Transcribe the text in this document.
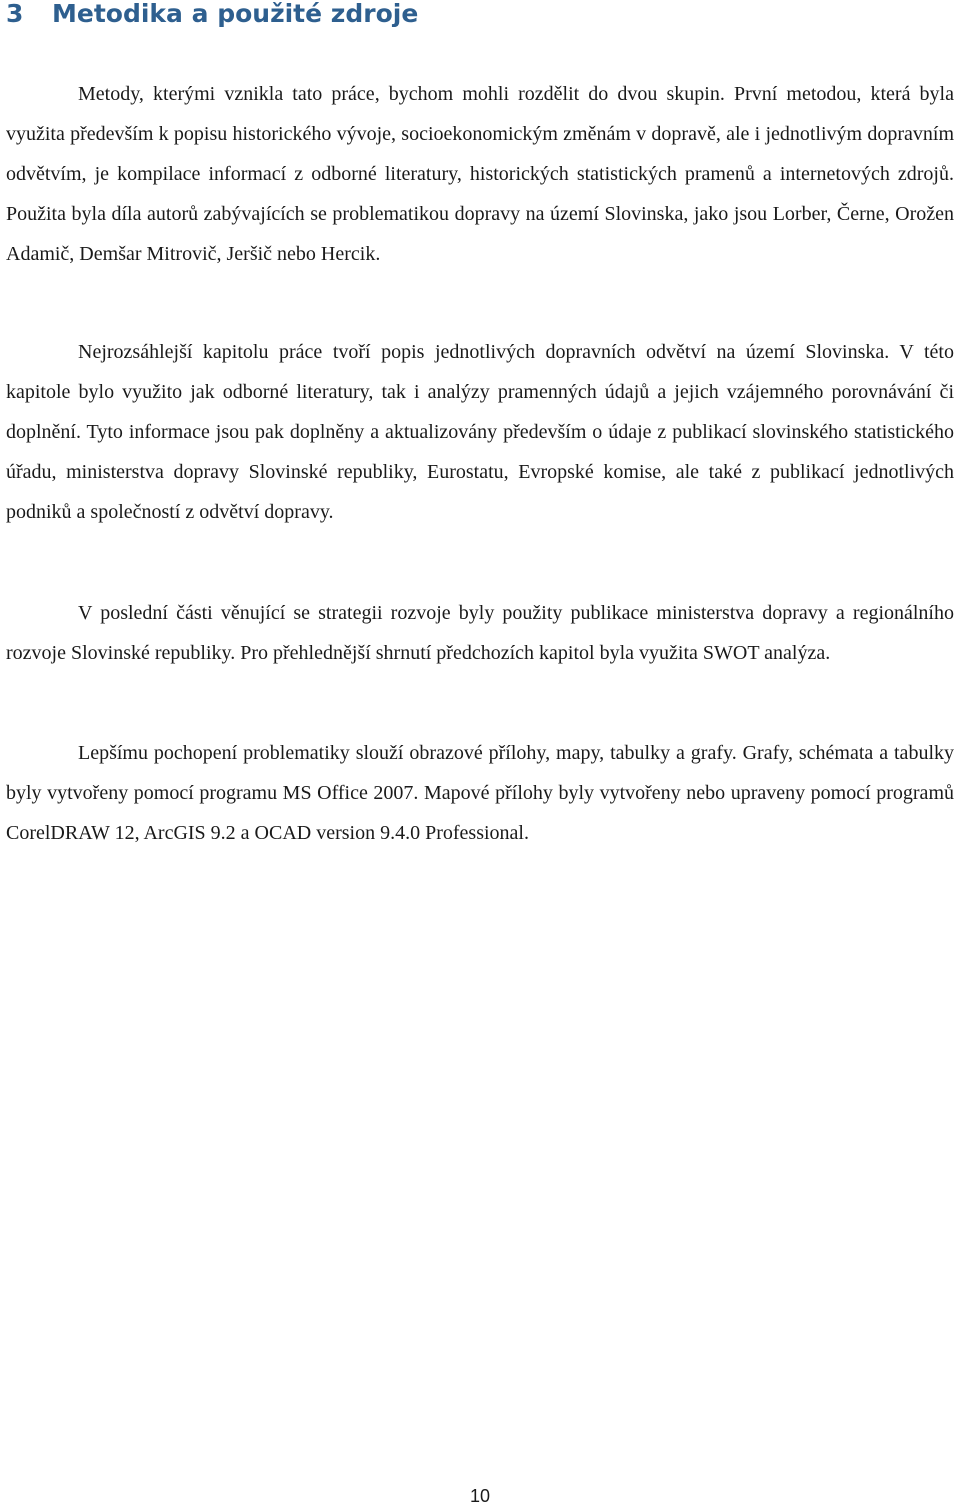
3 Metodika a použité zdroje

Metody, kterými vznikla tato práce, bychom mohli rozdělit do dvou skupin. První metodou, která byla využita především k popisu historického vývoje, socioekonomickým změnám v dopravě, ale i jednotlivým dopravním odvětvím, je kompilace informací z odborné literatury, historických statistických pramenů a internetových zdrojů. Použita byla díla autorů zabývajících se problematikou dopravy na území Slovinska, jako jsou Lorber, Černe, Orožen Adamič, Demšar Mitrovič, Jeršič nebo Hercik.

Nejrozsáhlejší kapitolu práce tvoří popis jednotlivých dopravních odvětví na území Slovinska. V této kapitole bylo využito jak odborné literatury, tak i analýzy pramenných údajů a jejich vzájemného porovnávání či doplnění. Tyto informace jsou pak doplněny a aktualizovány především o údaje z publikací slovinského statistického úřadu, ministerstva dopravy Slovinské republiky, Eurostatu, Evropské komise, ale také z publikací jednotlivých podniků a společností z odvětví dopravy.

V poslední části věnující se strategii rozvoje byly použity publikace ministerstva dopravy a regionálního rozvoje Slovinské republiky. Pro přehlednější shrnutí předchozích kapitol byla využita SWOT analýza.

Lepšímu pochopení problematiky slouží obrazové přílohy, mapy, tabulky a grafy. Grafy, schémata a tabulky byly vytvořeny pomocí programu MS Office 2007. Mapové přílohy byly vytvořeny nebo upraveny pomocí programů CorelDRAW 12, ArcGIS 9.2 a OCAD version 9.4.0 Professional.

10
